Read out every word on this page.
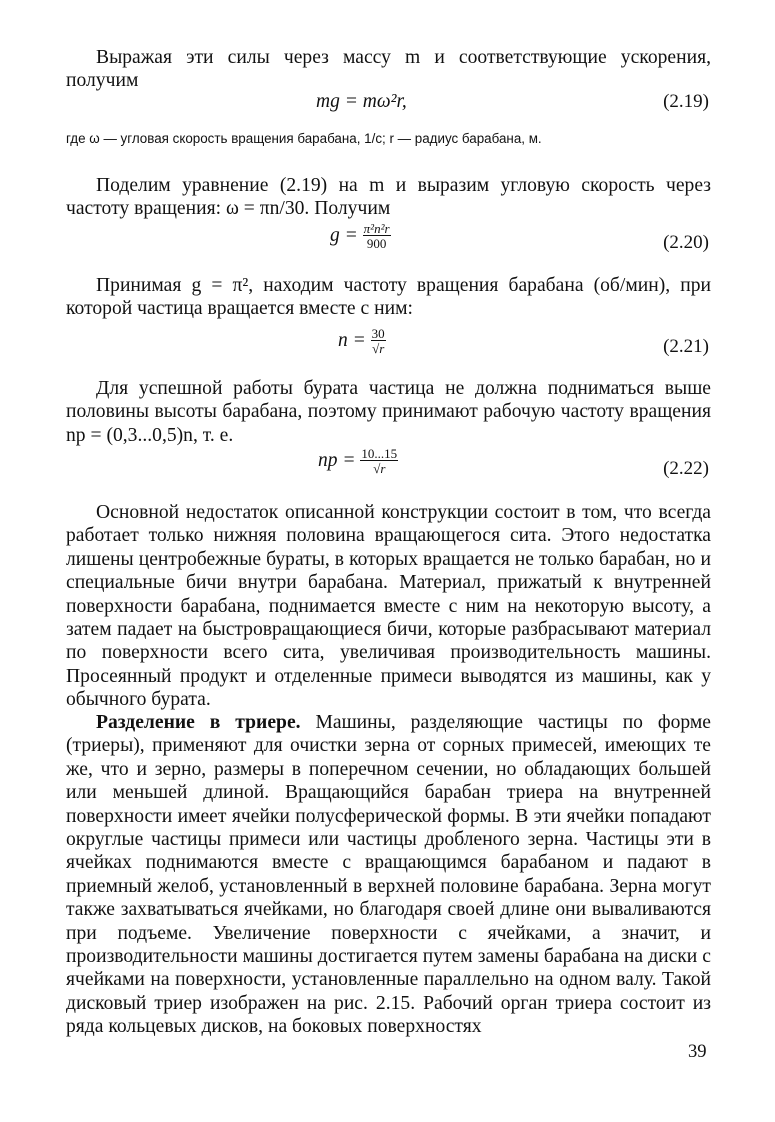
Выражая эти силы через массу m и соответствующие ускорения, получим
mg = mω²r,	(2.19)
где ω — угловая скорость вращения барабана, 1/с; r — радиус барабана, м.
Поделим уравнение (2.19) на m и выразим угловую скорость через частоту вращения: ω = πn/30. Получим
$g = \frac{\text{π²n²r}}{900}$	(2.20)
Принимая g = π², находим частоту вращения барабана (об/мин), при которой частица вращается вместе с ним:
$n = \frac{30}{√r}$	(2.21)
Для успешной работы бурата частица не должна подниматься выше половины высоты барабана, поэтому принимают рабочую частоту вращения nр = (0,3...0,5)n, т. е.
nр = $\frac{10...15}{√r}$	(2.22)
Основной недостаток описанной конструкции состоит в том, что всегда работает только нижняя половина вращающегося сита. Этого недостатка лишены центробежные бураты, в которых вращается не только барабан, но и специальные бичи внутри барабана. Материал, прижатый к внутренней поверхности барабана, поднимается вместе с ним на некоторую высоту, а затем падает на быстровращающиеся бичи, которые разбрасывают материал по поверхности всего сита, увеличивая производительность машины. Просеянный продукт и отделенные примеси выводятся из машины, как у обычного бурата.
Разделение в триере. Машины, разделяющие частицы по форме (триеры), применяют для очистки зерна от сорных примесей, имеющих те же, что и зерно, размеры в поперечном сечении, но обладающих большей или меньшей длиной. Вращающийся барабан триера на внутренней поверхности имеет ячейки полусферической формы. В эти ячейки попадают округлые частицы примеси или частицы дробленого зерна. Частицы эти в ячейках поднимаются вместе с вращающимся барабаном и падают в приемный желоб, установленный в верхней половине барабана. Зерна могут также захватываться ячейками, но благодаря своей длине они вываливаются при подъеме. Увеличение поверхности с ячейками, а значит, и производительности машины достигается путем замены барабана на диски с ячейками на поверхности, установленные параллельно на одном валу. Такой дисковый триер изображен на рис. 2.15. Рабочий орган триера состоит из ряда кольцевых дисков, на боковых поверхностях
39
